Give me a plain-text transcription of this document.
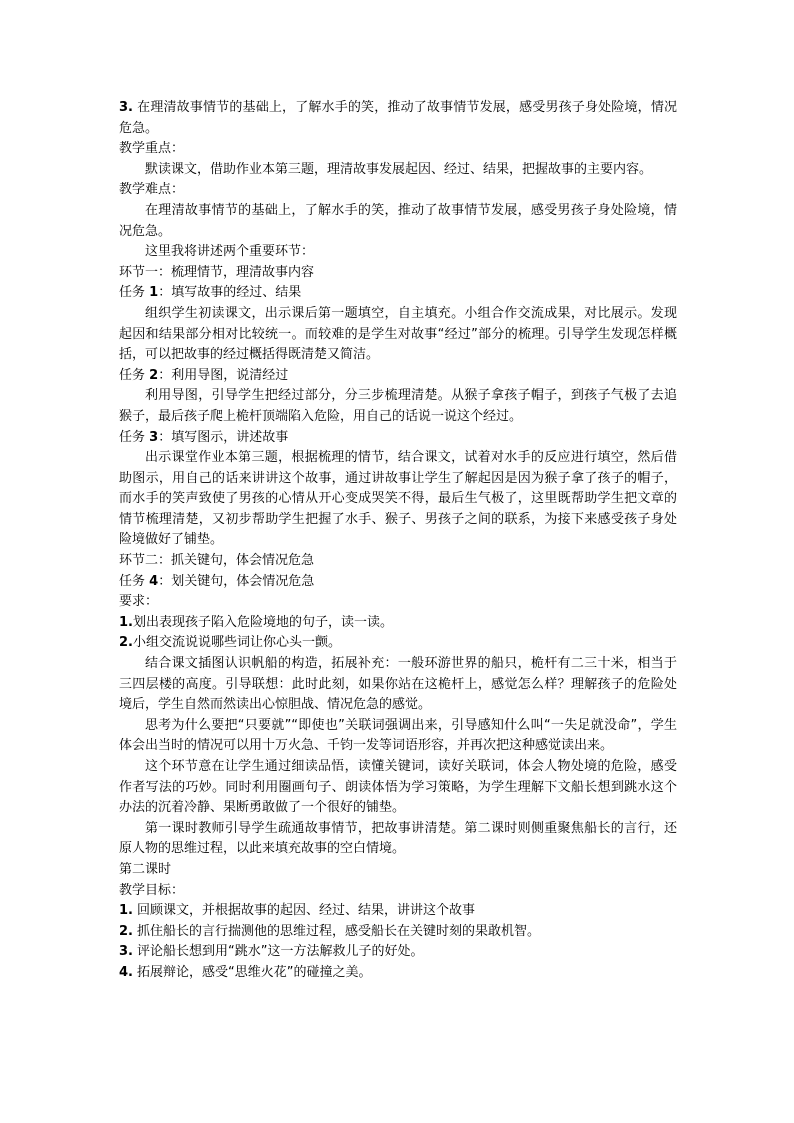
3. 在理清故事情节的基础上，了解水手的笑，推动了故事情节发展，感受男孩子身处险境，情况危急。

教学重点：

默读课文，借助作业本第三题，理清故事发展起因、经过、结果，把握故事的主要内容。

教学难点：

在理清故事情节的基础上，了解水手的笑，推动了故事情节发展，感受男孩子身处险境，情况危急。

这里我将讲述两个重要环节：

环节一：梳理情节，理清故事内容

任务 1：填写故事的经过、结果

组织学生初读课文，出示课后第一题填空，自主填充。小组合作交流成果，对比展示。发现起因和结果部分相对比较统一。而较难的是学生对故事“经过”部分的梳理。引导学生发现怎样概括，可以把故事的经过概括得既清楚又简洁。

任务 2：利用导图，说清经过

利用导图，引导学生把经过部分，分三步梳理清楚。从猴子拿孩子帽子，到孩子气极了去追猴子，最后孩子爬上桅杆顶端陷入危险，用自己的话说一说这个经过。

任务 3：填写图示，讲述故事

出示课堂作业本第三题，根据梳理的情节，结合课文，试着对水手的反应进行填空，然后借助图示，用自己的话来讲讲这个故事，通过讲故事让学生了解起因是因为猴子拿了孩子的帽子，而水手的笑声致使了男孩的心情从开心变成哭笑不得，最后生气极了，这里既帮助学生把文章的情节梳理清楚，又初步帮助学生把握了水手、猴子、男孩子之间的联系，为接下来感受孩子身处险境做好了铺垫。

环节二：抓关键句，体会情况危急

任务 4：划关键句，体会情况危急

要求：

1.划出表现孩子陷入危险境地的句子，读一读。

2.小组交流说说哪些词让你心头一颤。

结合课文插图认识帆船的构造，拓展补充：一般环游世界的船只，桅杆有二三十米，相当于三四层楼的高度。引导联想：此时此刻，如果你站在这桅杆上，感觉怎么样？理解孩子的危险处境后，学生自然而然读出心惊胆战、情况危急的感觉。

思考为什么要把“只要就”“即使也”关联词强调出来，引导感知什么叫“一失足就没命”，学生体会出当时的情况可以用十万火急、千钧一发等词语形容，并再次把这种感觉读出来。

这个环节意在让学生通过细读品悟，读懂关键词，读好关联词，体会人物处境的危险，感受作者写法的巧妙。同时利用圈画句子、朗读体悟为学习策略，为学生理解下文船长想到跳水这个办法的沉着冷静、果断勇敢做了一个很好的铺垫。

第一课时教师引导学生疏通故事情节，把故事讲清楚。第二课时则侧重聚焦船长的言行，还原人物的思维过程，以此来填充故事的空白情境。

第二课时

教学目标：

1. 回顾课文，并根据故事的起因、经过、结果，讲讲这个故事

2. 抓住船长的言行揣测他的思维过程，感受船长在关键时刻的果敢机智。

3. 评论船长想到用“跳水”这一方法解救儿子的好处。

4. 拓展辩论，感受“思维火花”的碰撞之美。
